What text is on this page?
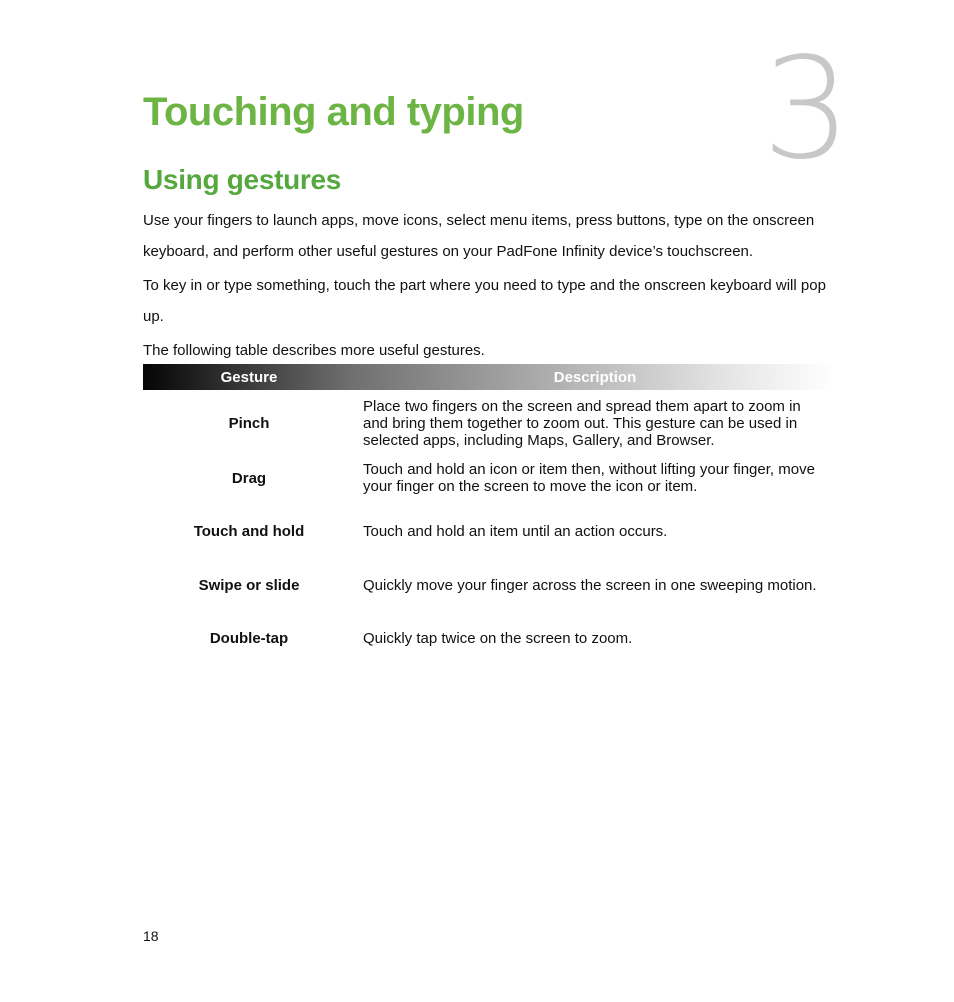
3
Touching and typing
Using gestures

Use your fingers to launch apps, move icons, select menu items, press buttons, type on the onscreen keyboard, and perform other useful gestures on your PadFone Infinity device’s touchscreen.

To key in or type something, touch the part where you need to type and the onscreen keyboard will pop up.

The following table describes more useful gestures.

Gesture	Description
Pinch	Place two fingers on the screen and spread them apart to zoom in and bring them together to zoom out. This gesture can be used in selected apps, including Maps, Gallery, and Browser.
Drag	Touch and hold an icon or item then, without lifting your finger, move your finger on the screen to move the icon or item.
Touch and hold	Touch and hold an item until an action occurs.
Swipe or slide	Quickly move your finger across the screen in one sweeping motion.
Double-tap	Quickly tap twice on the screen to zoom.
18
